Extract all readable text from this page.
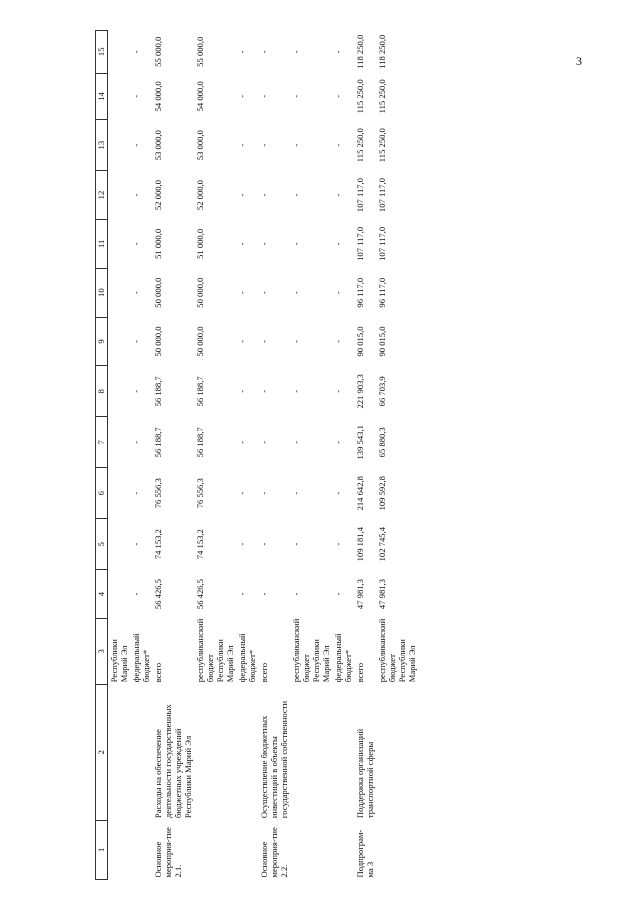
3
1	2	3	4	5	6	7	8	9	10	11	12	13	14	15
		Республики Марий Эл												
		федеральный бюджет*	-	-	-	-	-	-	-	-	-	-	-	-
Основное мероприя-тие 2.1.	Расходы на обеспечение деятельности государственных бюджетных учреждений Республики Марий Эл	всего	56 426,5	74 153,2	76 556,3	56 188,7	56 188,7	50 000,0	50 000,0	51 000,0	52 000,0	53 000,0	54 000,0	55 000,0
		республиканский бюджет Республики Марий Эл	56 426,5	74 153,2	76 556,3	56 188,7	56 188,7	50 000,0	50 000,0	51 000,0	52 000,0	53 000,0	54 000,0	55 000,0
		федеральный бюджет*	-	-	-	-	-	-	-	-	-	-	-	-
Основное мероприя-тие 2.2.	Осуществление бюджетных инвестиций в объекты государственной собственности	всего	-	-	-	-	-	-	-	-	-	-	-	-
		республиканский бюджет Республики Марий Эл	-	-	-	-	-	-	-	-	-	-	-	-
		федеральный бюджет*	-	-	-	-	-	-	-	-	-	-	-	-
Подпрограм-ма 3	Поддержка организаций транспортной сферы	всего	47 981,3	109 181,4	214 642,8	139 543,1	221 903,3	90 015,0	96 117,0	107 117,0	107 117,0	115 250,0	115 250,0	118 250,0
		республиканский бюджет Республики Марий Эл	47 981,3	102 745,4	109 592,8	65 880,3	66 703,9	90 015,0	96 117,0	107 117,0	107 117,0	115 250,0	115 250,0	118 250,0
